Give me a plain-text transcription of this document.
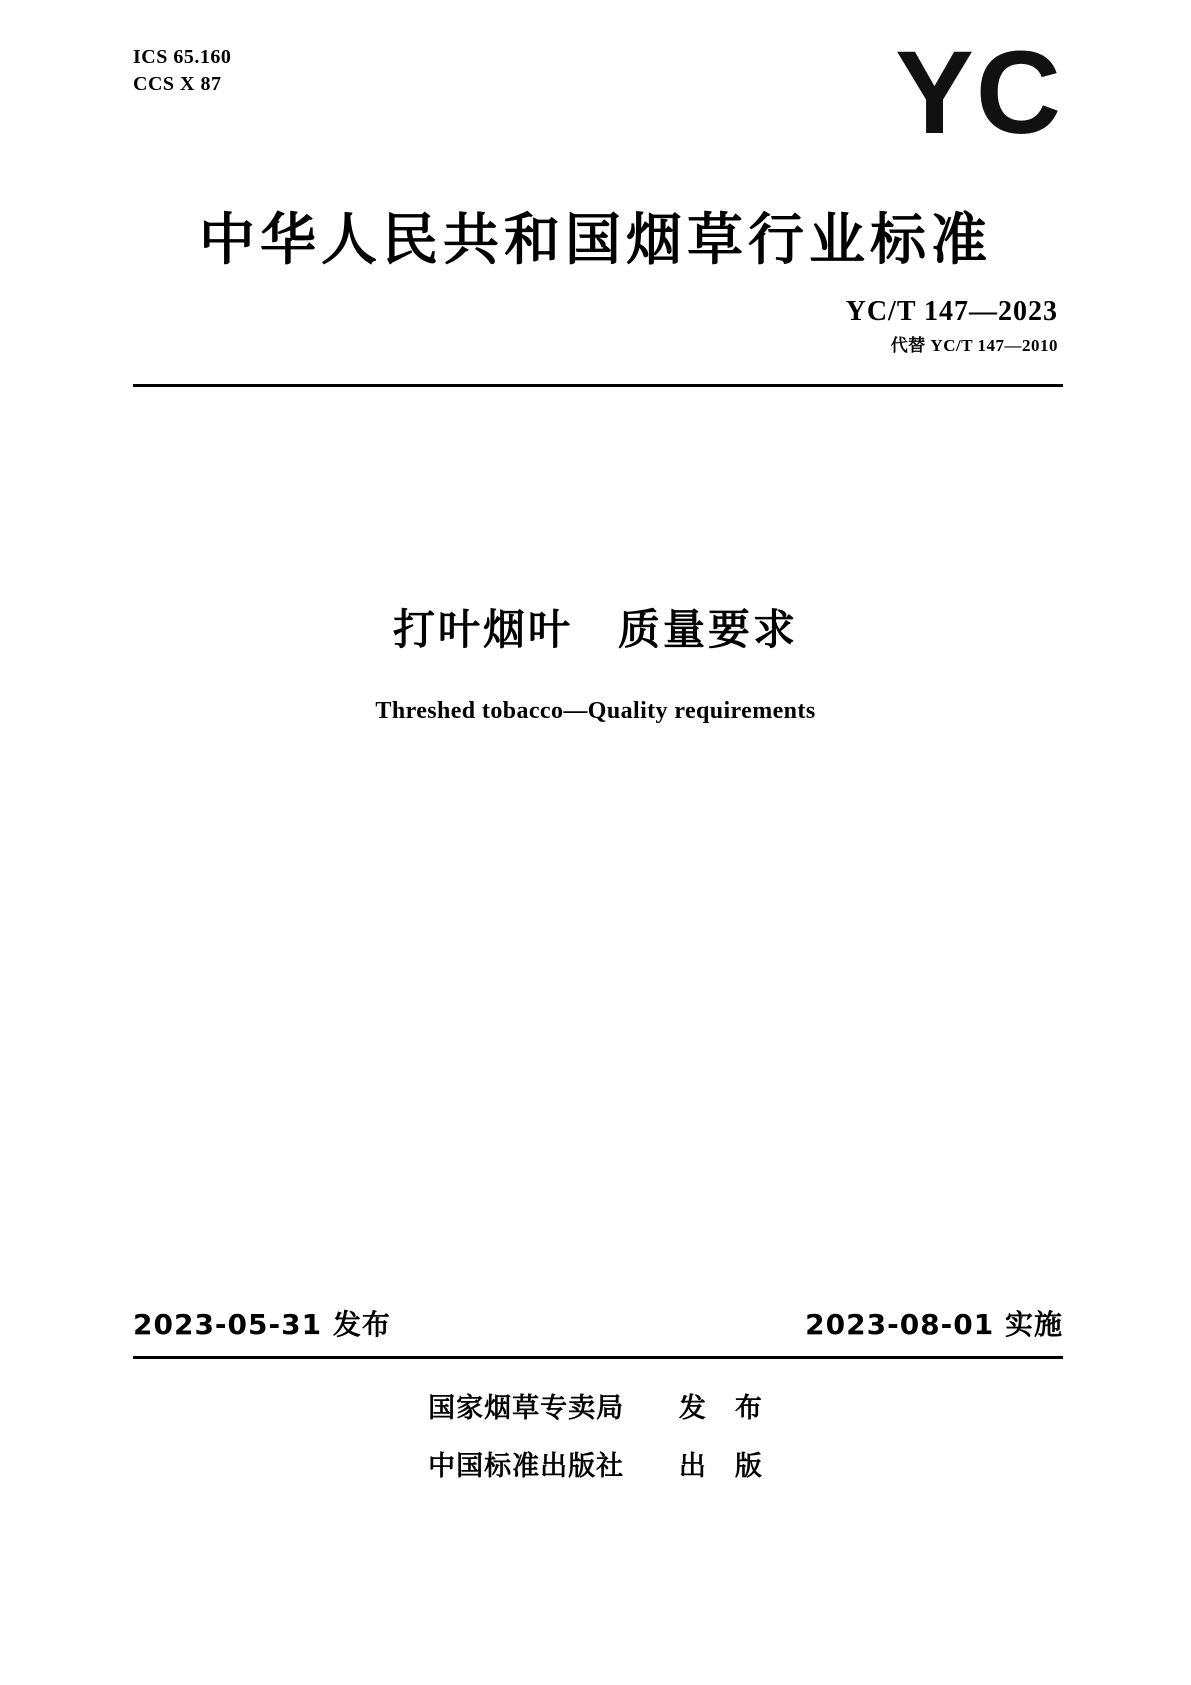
ICS 65.160
CCS X 87	YC
中华人民共和国烟草行业标准
YC/T 147—2023
代替 YC/T 147—2010
打叶烟叶　质量要求
Threshed tobacco—Quality requirements
2023-05-31 发布	2023-08-01 实施
国家烟草专卖局 发　布
中国标准出版社 出　版
